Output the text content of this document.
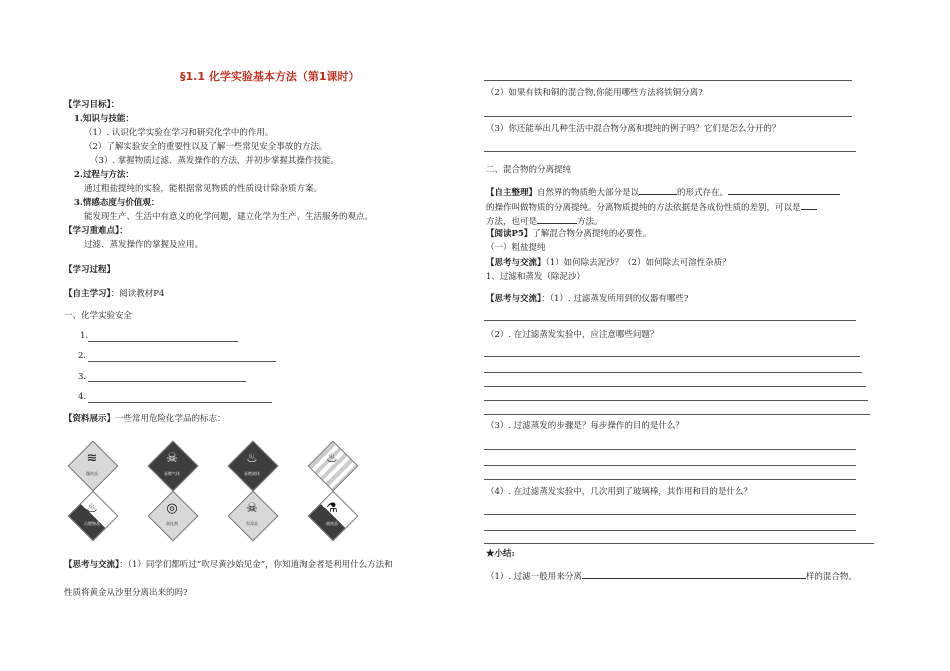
§1.1 化学实验基本方法（第1课时）
【学习目标】：
1.知识与技能：
（1）. 认识化学实验在学习和研究化学中的作用。
（2）了解实验安全的重要性以及了解一些常见安全事故的方法。
（3）. 掌握物质过滤、蒸发操作的方法，并初步掌握其操作技能。
2.过程与方法：
通过粗盐提纯的实验，能根据常见物质的性质设计除杂质方案。
3.情感态度与价值观：
能发现生产、生活中有意义的化学问题，建立化学为生产、生活服务的观点。
【学习重难点】：
过滤、蒸发操作的掌握及应用。
【学习过程】
【自主学习】：阅读教材P4
一、化学实验安全
1.
2.
3.
4.
【资料展示】一些常用危险化学品的标志：
≋
爆炸品
☠
易燃气体
♨
易燃液体
♨
♨
自燃物品
◎
氧化剂
☠
有毒品
⚗
腐蚀品
【思考与交流】：（1）同学们都听过“吹尽黄沙始见金”，你知道淘金者是利用什么方法和
性质将黄金从沙里分离出来的吗?
（2）如果有铁和铜的混合物,你能用哪些方法将铁铜分离?
（3）你还能举出几种生活中混合物分离和提纯的例子吗？它们是怎么分开的？
二、混合物的分离提纯
【自主整理】自然界的物质绝大部分是以	的形式存在。
的操作叫做物质的分离提纯。分离物质提纯的方法依据是各成份性质的差别，可以是
方法，也可是	方法。
【阅读P5】了解混合物分离提纯的必要性。
（一）粗盐提纯
【思考与交流】（1）如何除去泥沙？（2）如何除去可溶性杂质？
1、过滤和蒸发（除泥沙）
【思考与交流】：（1）. 过滤蒸发所用到的仪器有哪些?
（2）. 在过滤蒸发实验中，应注意哪些问题？
（3）. 过滤蒸发的步骤是？每步操作的目的是什么？
（4）. 在过滤蒸发实验中，几次用到了玻璃棒，其作用和目的是什么？
★小结:
（1）. 过滤一般用来分离	样的混合物。
